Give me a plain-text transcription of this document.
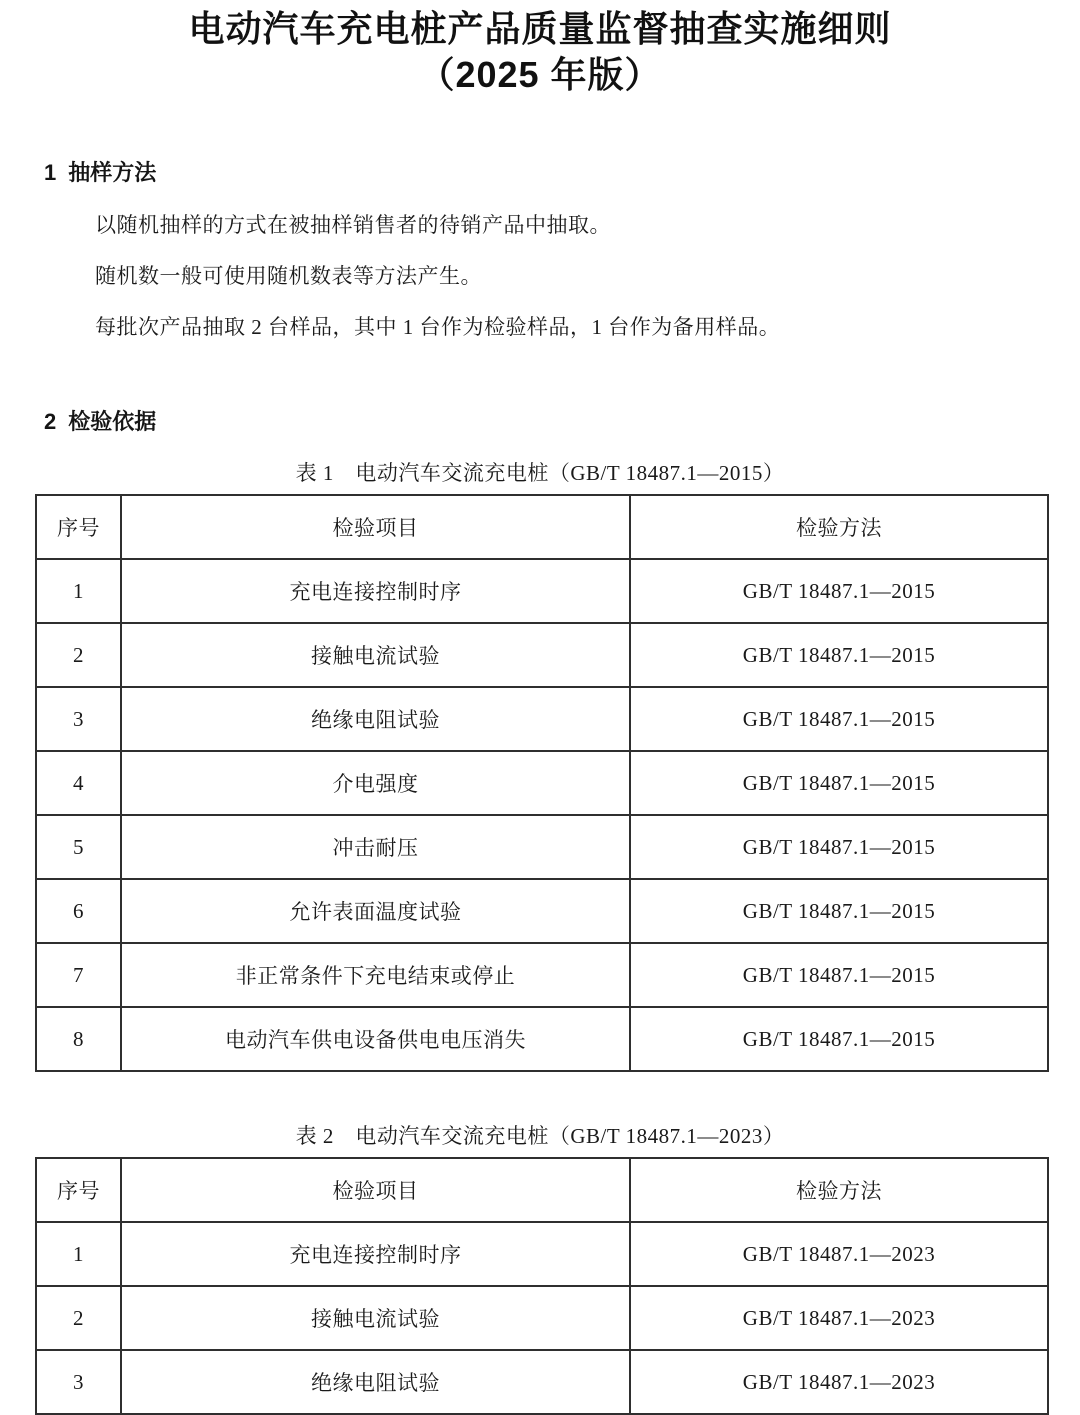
电动汽车充电桩产品质量监督抽查实施细则
（2025 年版）
1 抽样方法

以随机抽样的方式在被抽样销售者的待销产品中抽取。

随机数一般可使用随机数表等方法产生。

每批次产品抽取 2 台样品，其中 1 台作为检验样品，1 台作为备用样品。

2 检验依据
表 1　电动汽车交流充电桩（GB/T 18487.1—2015）
序号	检验项目	检验方法
1	充电连接控制时序	GB/T 18487.1—2015
2	接触电流试验	GB/T 18487.1—2015
3	绝缘电阻试验	GB/T 18487.1—2015
4	介电强度	GB/T 18487.1—2015
5	冲击耐压	GB/T 18487.1—2015
6	允许表面温度试验	GB/T 18487.1—2015
7	非正常条件下充电结束或停止	GB/T 18487.1—2015
8	电动汽车供电设备供电电压消失	GB/T 18487.1—2015
表 2　电动汽车交流充电桩（GB/T 18487.1—2023）
序号	检验项目	检验方法
1	充电连接控制时序	GB/T 18487.1—2023
2	接触电流试验	GB/T 18487.1—2023
3	绝缘电阻试验	GB/T 18487.1—2023
